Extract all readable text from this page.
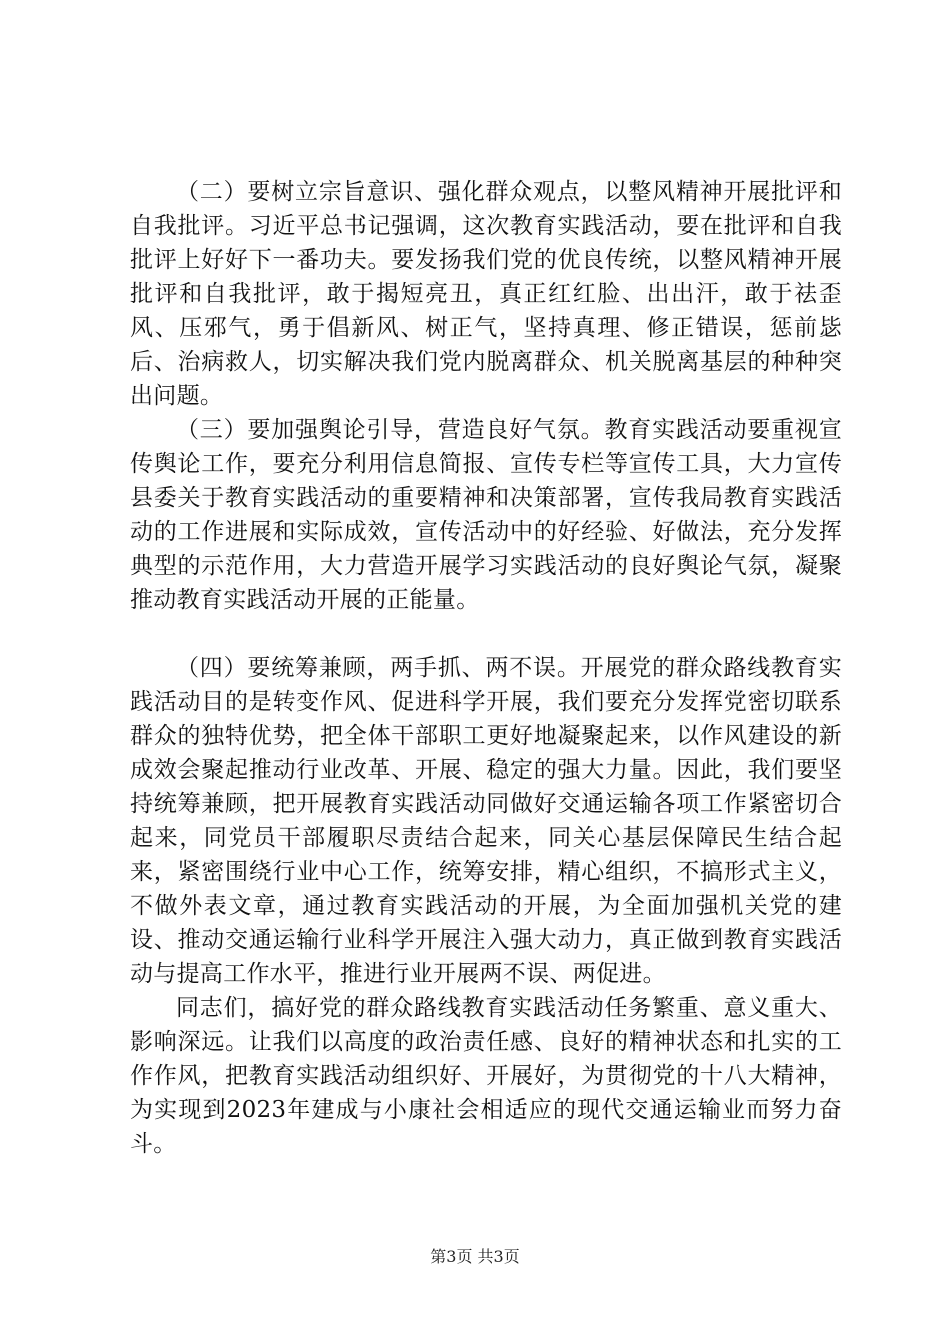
（二）要树立宗旨意识、强化群众观点，以整风精神开展批评和自我批评。习近平总书记强调，这次教育实践活动，要在批评和自我批评上好好下一番功夫。要发扬我们党的优良传统，以整风精神开展批评和自我批评，敢于揭短亮丑，真正红红脸、出出汗，敢于祛歪风、压邪气，勇于倡新风、树正气，坚持真理、修正错误，惩前毖后、治病救人，切实解决我们党内脱离群众、机关脱离基层的种种突出问题。

（三）要加强舆论引导，营造良好气氛。教育实践活动要重视宣传舆论工作，要充分利用信息简报、宣传专栏等宣传工具，大力宣传县委关于教育实践活动的重要精神和决策部署，宣传我局教育实践活动的工作进展和实际成效，宣传活动中的好经验、好做法，充分发挥典型的示范作用，大力营造开展学习实践活动的良好舆论气氛，凝聚推动教育实践活动开展的正能量。

（四）要统筹兼顾，两手抓、两不误。开展党的群众路线教育实践活动目的是转变作风、促进科学开展，我们要充分发挥党密切联系群众的独特优势，把全体干部职工更好地凝聚起来，以作风建设的新成效会聚起推动行业改革、开展、稳定的强大力量。因此，我们要坚持统筹兼顾，把开展教育实践活动同做好交通运输各项工作紧密切合起来，同党员干部履职尽责结合起来，同关心基层保障民生结合起来，紧密围绕行业中心工作，统筹安排，精心组织，不搞形式主义，不做外表文章，通过教育实践活动的开展，为全面加强机关党的建设、推动交通运输行业科学开展注入强大动力，真正做到教育实践活动与提高工作水平，推进行业开展两不误、两促进。

同志们，搞好党的群众路线教育实践活动任务繁重、意义重大、影响深远。让我们以高度的政治责任感、良好的精神状态和扎实的工作作风，把教育实践活动组织好、开展好，为贯彻党的十八大精神，为实现到2023年建成与小康社会相适应的现代交通运输业而努力奋斗。

第3页 共3页
